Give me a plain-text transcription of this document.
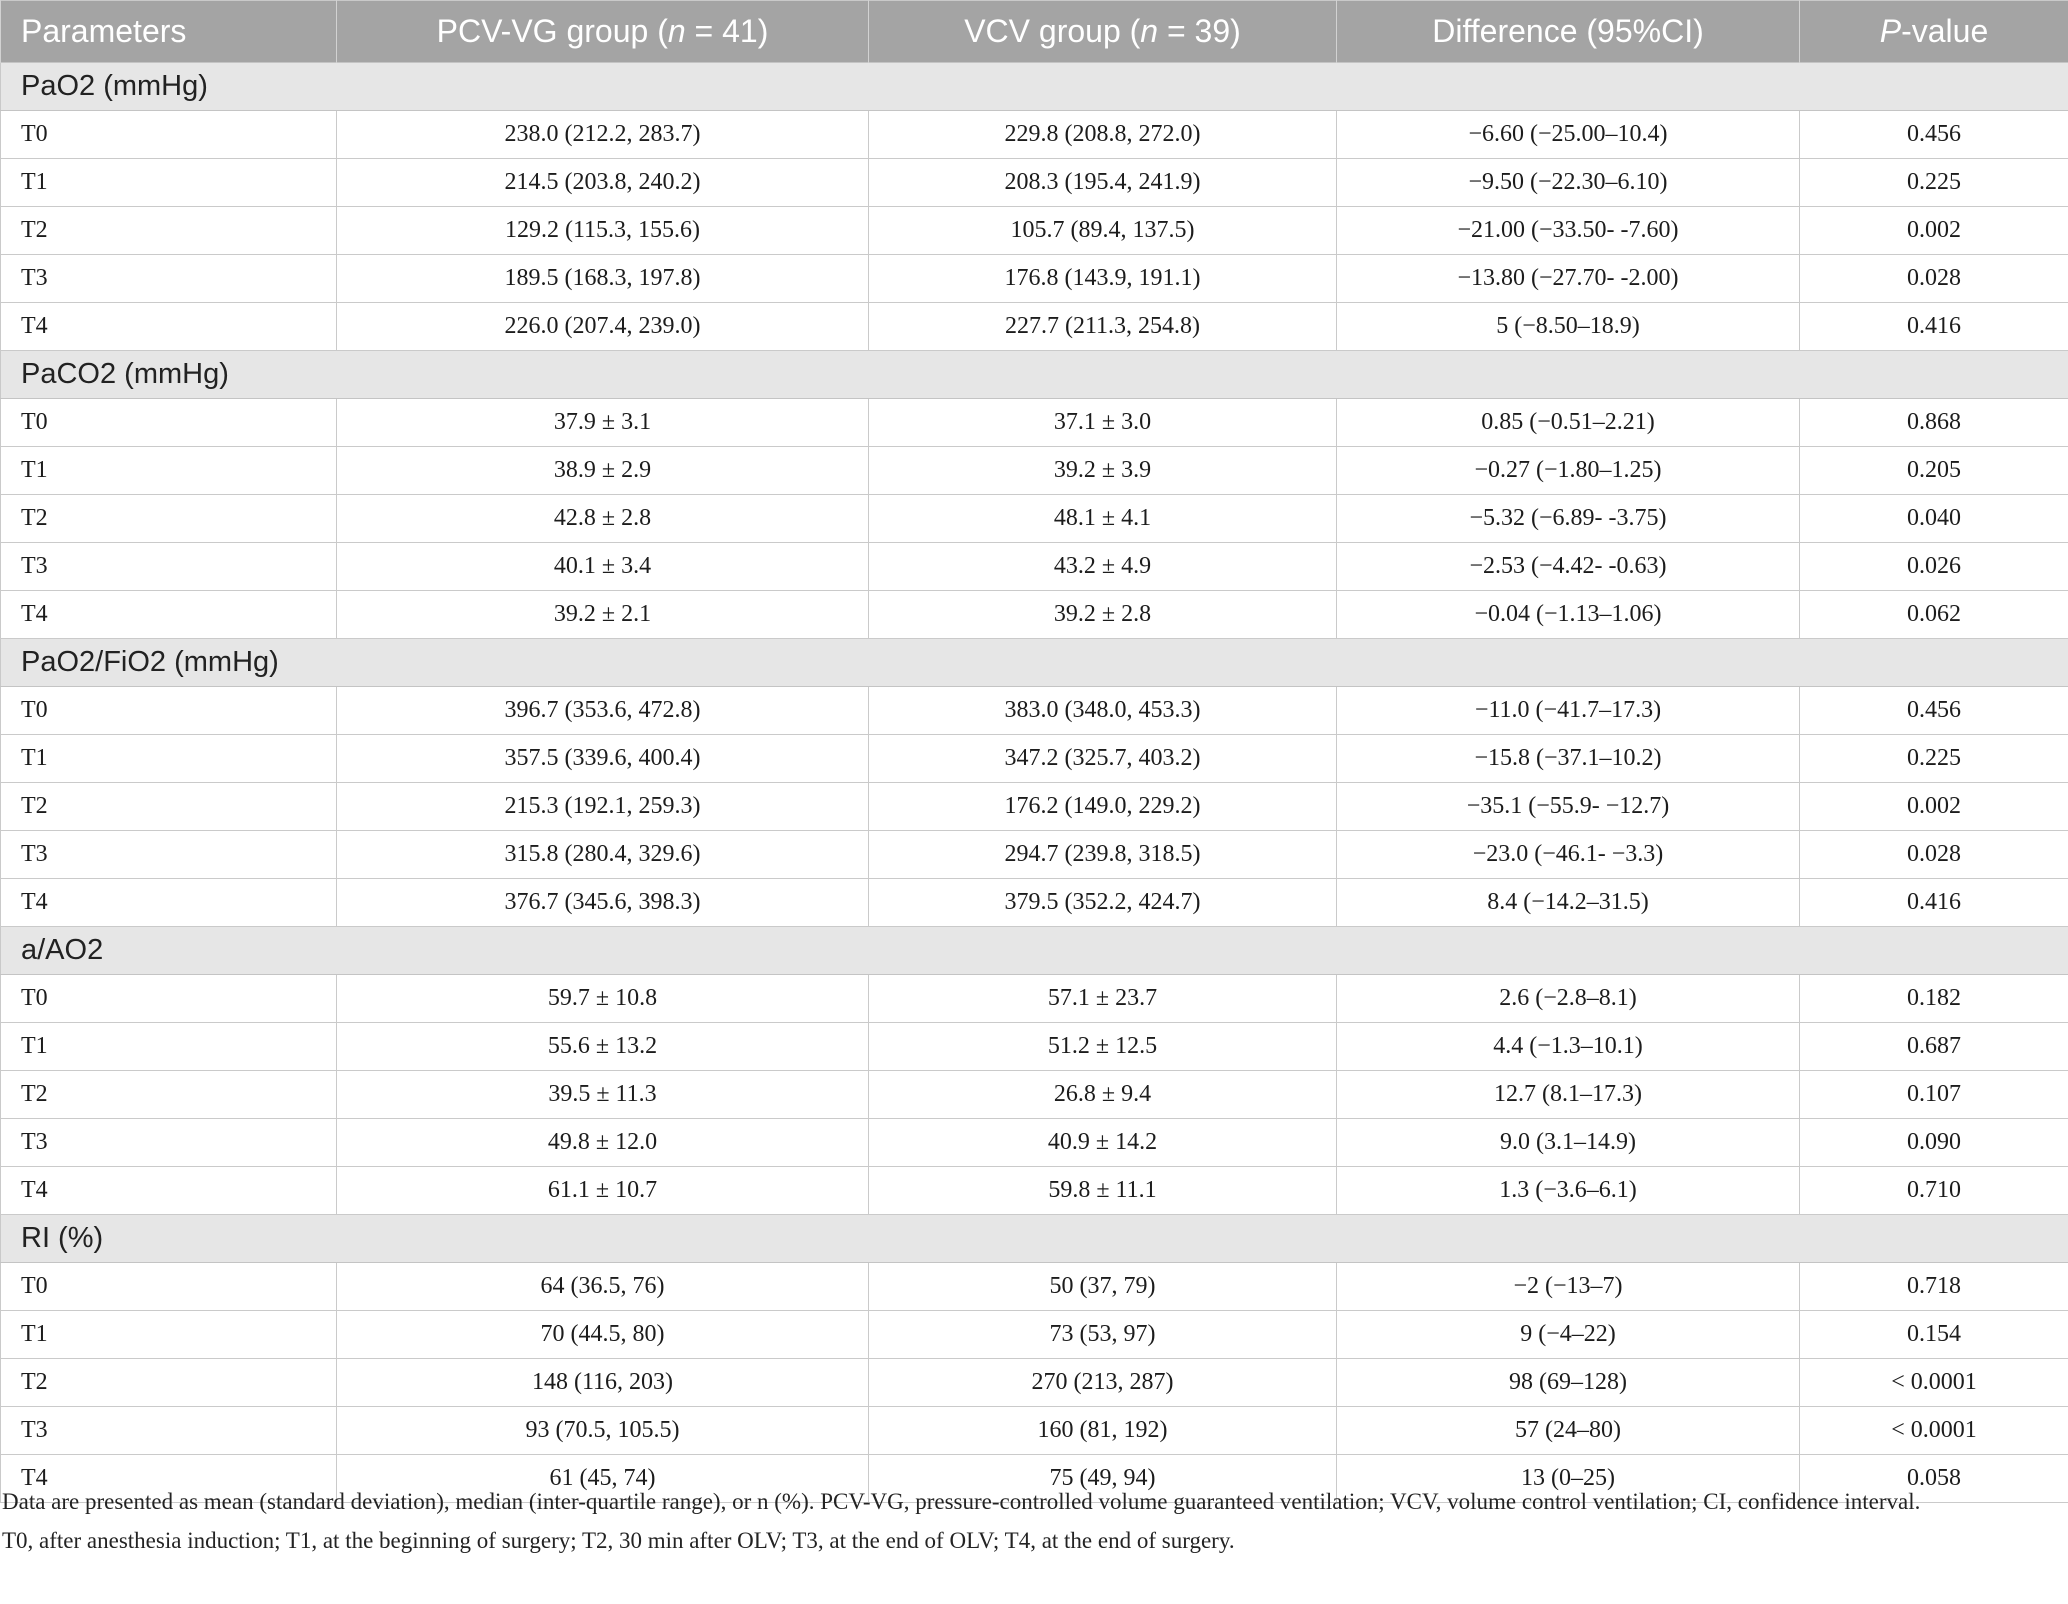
Parameters	PCV-VG group (n = 41)	VCV group (n = 39)	Difference (95%CI)	P-value
PaO2 (mmHg)				
T0	238.0 (212.2, 283.7)	229.8 (208.8, 272.0)	−6.60 (−25.00–10.4)	0.456
T1	214.5 (203.8, 240.2)	208.3 (195.4, 241.9)	−9.50 (−22.30–6.10)	0.225
T2	129.2 (115.3, 155.6)	105.7 (89.4, 137.5)	−21.00 (−33.50- -7.60)	0.002
T3	189.5 (168.3, 197.8)	176.8 (143.9, 191.1)	−13.80 (−27.70- -2.00)	0.028
T4	226.0 (207.4, 239.0)	227.7 (211.3, 254.8)	5 (−8.50–18.9)	0.416
PaCO2 (mmHg)				
T0	37.9 ± 3.1	37.1 ± 3.0	0.85 (−0.51–2.21)	0.868
T1	38.9 ± 2.9	39.2 ± 3.9	−0.27 (−1.80–1.25)	0.205
T2	42.8 ± 2.8	48.1 ± 4.1	−5.32 (−6.89- -3.75)	0.040
T3	40.1 ± 3.4	43.2 ± 4.9	−2.53 (−4.42- -0.63)	0.026
T4	39.2 ± 2.1	39.2 ± 2.8	−0.04 (−1.13–1.06)	0.062
PaO2/FiO2 (mmHg)				
T0	396.7 (353.6, 472.8)	383.0 (348.0, 453.3)	−11.0 (−41.7–17.3)	0.456
T1	357.5 (339.6, 400.4)	347.2 (325.7, 403.2)	−15.8 (−37.1–10.2)	0.225
T2	215.3 (192.1, 259.3)	176.2 (149.0, 229.2)	−35.1 (−55.9- −12.7)	0.002
T3	315.8 (280.4, 329.6)	294.7 (239.8, 318.5)	−23.0 (−46.1- −3.3)	0.028
T4	376.7 (345.6, 398.3)	379.5 (352.2, 424.7)	8.4 (−14.2–31.5)	0.416
a/AO2				
T0	59.7 ± 10.8	57.1 ± 23.7	2.6 (−2.8–8.1)	0.182
T1	55.6 ± 13.2	51.2 ± 12.5	4.4 (−1.3–10.1)	0.687
T2	39.5 ± 11.3	26.8 ± 9.4	12.7 (8.1–17.3)	0.107
T3	49.8 ± 12.0	40.9 ± 14.2	9.0 (3.1–14.9)	0.090
T4	61.1 ± 10.7	59.8 ± 11.1	1.3 (−3.6–6.1)	0.710
RI (%)				
T0	64 (36.5, 76)	50 (37, 79)	−2 (−13–7)	0.718
T1	70 (44.5, 80)	73 (53, 97)	9 (−4–22)	0.154
T2	148 (116, 203)	270 (213, 287)	98 (69–128)	< 0.0001
T3	93 (70.5, 105.5)	160 (81, 192)	57 (24–80)	< 0.0001
T4	61 (45, 74)	75 (49, 94)	13 (0–25)	0.058

Data are presented as mean (standard deviation), median (inter-quartile range), or n (%). PCV-VG, pressure-controlled volume guaranteed ventilation; VCV, volume control ventilation; CI, confidence interval.

T0, after anesthesia induction; T1, at the beginning of surgery; T2, 30 min after OLV; T3, at the end of OLV; T4, at the end of surgery.
